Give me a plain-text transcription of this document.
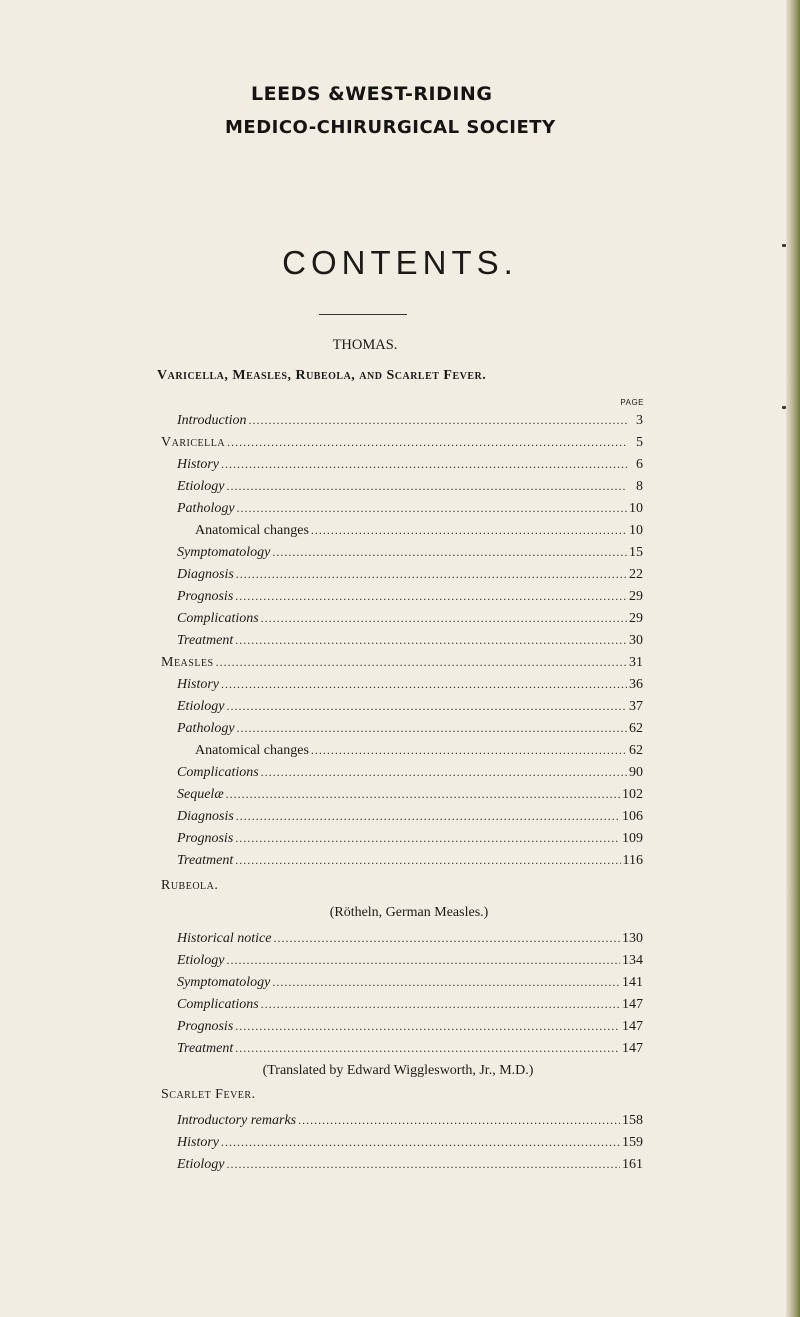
LEEDS &WEST-RIDING
MEDICO-CHIRURGICAL SOCIETY
CONTENTS.
THOMAS.
Varicella, Measles, Rubeola, and Scarlet Fever.
PAGE
Introduction . . .	3
Varicella . . .	5
History . . .	6
Etiology . . .	8
Pathology . . .	10
Anatomical changes . . .	10
Symptomatology . . .	15
Diagnosis . . .	22
Prognosis . . .	29
Complications . . .	29
Treatment . . .	30
Measles . . .	31
History . . .	36
Etiology . . .	37
Pathology . . .	62
Anatomical changes . . .	62
Complications . . .	90
Sequelæ . . .	102
Diagnosis . . .	106
Prognosis . . .	109
Treatment . . .	116
Rubeola.
(Rötheln, German Measles.)
Historical notice . . .	130
Etiology . . .	134
Symptomatology . . .	141
Complications . . .	147
Prognosis . . .	147
Treatment . . .	147
(Translated by Edward Wigglesworth, Jr., M.D.)
Scarlet Fever.
Introductory remarks . . .	158
History . . .	159
Etiology . . .	161
